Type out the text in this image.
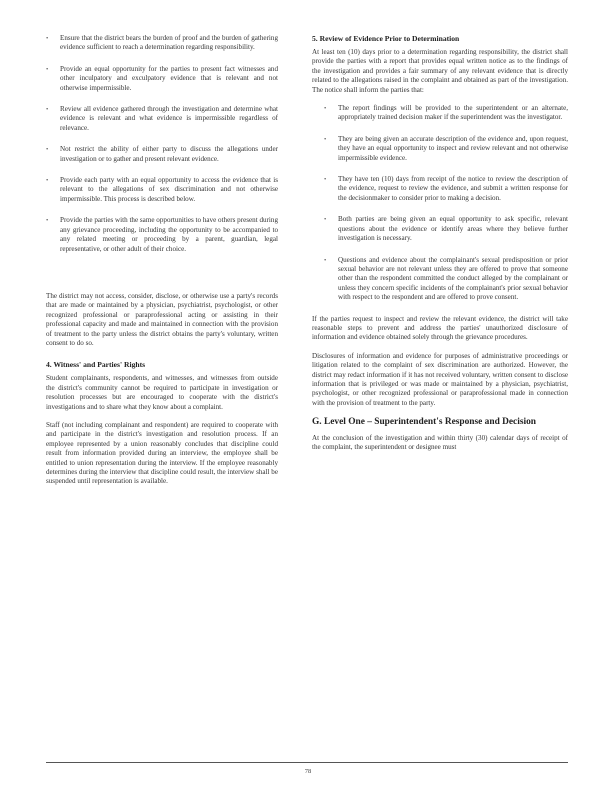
• Ensure that the district bears the burden of proof and the burden of gathering evidence sufficient to reach a determination regarding responsibility.
• Provide an equal opportunity for the parties to present fact witnesses and other inculpatory and exculpatory evidence that is relevant and not otherwise impermissible.
• Review all evidence gathered through the investigation and determine what evidence is relevant and what evidence is impermissible regardless of relevance.
• Not restrict the ability of either party to discuss the allegations under investigation or to gather and present relevant evidence.
• Provide each party with an equal opportunity to access the evidence that is relevant to the allegations of sex discrimination and not otherwise impermissible. This process is described below.
• Provide the parties with the same opportunities to have others present during any grievance proceeding, including the opportunity to be accompanied to any related meeting or proceeding by a parent, guardian, legal representative, or other adult of their choice.

The district may not access, consider, disclose, or otherwise use a party's records that are made or maintained by a physician, psychiatrist, psychologist, or other recognized professional or paraprofessional acting or assisting in their professional capacity and made and maintained in connection with the provision of treatment to the party unless the district obtains the party's voluntary, written consent to do so.

4. Witness' and Parties' Rights

Student complainants, respondents, and witnesses, and witnesses from outside the district's community cannot be required to participate in investigation or resolution processes but are encouraged to cooperate with the district's investigations and to share what they know about a complaint.

Staff (not including complainant and respondent) are required to cooperate with and participate in the district's investigation and resolution process. If an employee represented by a union reasonably concludes that discipline could result from information provided during an interview, the employee shall be entitled to union representation during the interview. If the employee reasonably determines during the interview that discipline could result, the interview shall be suspended until representation is available.

5. Review of Evidence Prior to Determination

At least ten (10) days prior to a determination regarding responsibility, the district shall provide the parties with a report that provides equal written notice as to the findings of the investigation and provides a fair summary of any relevant evidence that is directly related to the allegations raised in the complaint and obtained as part of the investigation. The notice shall inform the parties that:

• The report findings will be provided to the superintendent or an alternate, appropriately trained decision maker if the superintendent was the investigator.
• They are being given an accurate description of the evidence and, upon request, they have an equal opportunity to inspect and review relevant and not otherwise impermissible evidence.
• They have ten (10) days from receipt of the notice to review the description of the evidence, request to review the evidence, and submit a written response for the decisionmaker to consider prior to making a decision.
• Both parties are being given an equal opportunity to ask specific, relevant questions about the evidence or identify areas where they believe further investigation is necessary.
• Questions and evidence about the complainant's sexual predisposition or prior sexual behavior are not relevant unless they are offered to prove that someone other than the respondent committed the conduct alleged by the complainant or unless they concern specific incidents of the complainant's prior sexual behavior with respect to the respondent and are offered to prove consent.

If the parties request to inspect and review the relevant evidence, the district will take reasonable steps to prevent and address the parties' unauthorized disclosure of information and evidence obtained solely through the grievance procedures.

Disclosures of information and evidence for purposes of administrative proceedings or litigation related to the complaint of sex discrimination are authorized. However, the district may redact information if it has not received voluntary, written consent to disclose information that is privileged or was made or maintained by a physician, psychiatrist, psychologist, or other recognized professional or paraprofessional made in connection with the provision of treatment to the party.

G. Level One – Superintendent's Response and Decision

At the conclusion of the investigation and within thirty (30) calendar days of receipt of the complaint, the superintendent or designee must

78
